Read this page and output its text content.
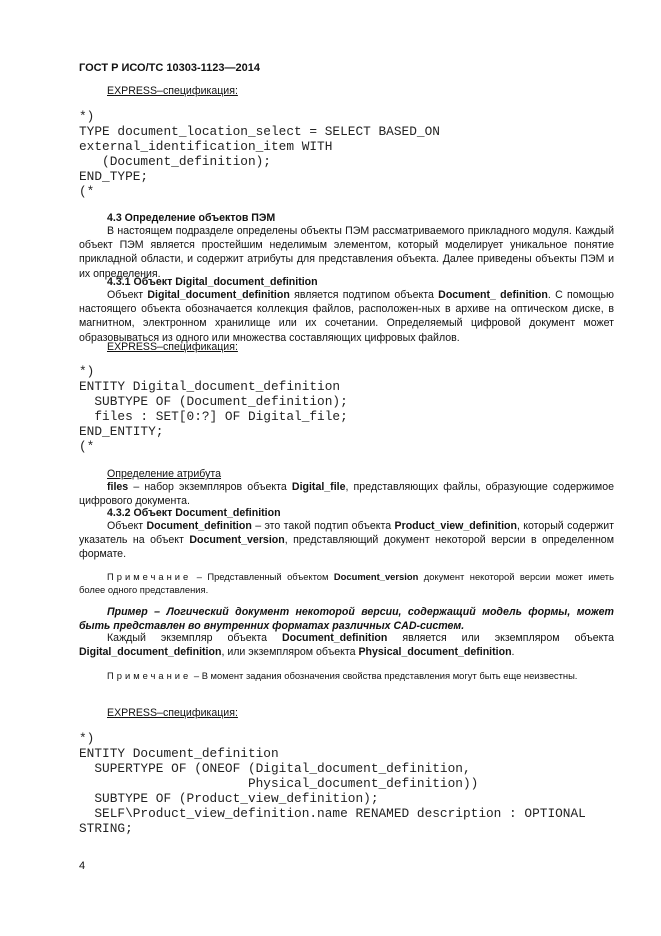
ГОСТ Р ИСО/ТС 10303-1123—2014
EXPRESS–спецификация:
*)
TYPE document_location_select = SELECT BASED_ON
external_identification_item WITH
(Document_definition);
END_TYPE;
(*
4.3 Определение объектов ПЭМ
В настоящем подразделе определены объекты ПЭМ рассматриваемого прикладного модуля. Каждый объект ПЭМ является простейшим неделимым элементом, который моделирует уникальное понятие прикладной области, и содержит атрибуты для представления объекта. Далее приведены объекты ПЭМ и их определения.
4.3.1 Объект Digital_document_definition
Объект Digital_document_definition является подтипом объекта Document_ definition. С помощью настоящего объекта обозначается коллекция файлов, расположен-ных в архиве на оптическом диске, в магнитном, электронном хранилище или их сочетании. Определяемый цифровой документ может образовываться из одного или множества составляющих цифровых файлов.
EXPRESS–спецификация:
*)
ENTITY Digital_document_definition
SUBTYPE OF (Document_definition);
files : SET[0:?] OF Digital_file;
END_ENTITY;
(*
Определение атрибута
files – набор экземпляров объекта Digital_file, представляющих файлы, образующие содержимое цифрового документа.
4.3.2 Объект Document_definition
Объект Document_definition – это такой подтип объекта Product_view_definition, который содержит указатель на объект Document_version, представляющий документ некоторой версии в определенном формате.
Примечание – Представленный объектом Document_version документ некоторой версии может иметь более одного представления.
Пример – Логический документ некоторой версии, содержащий модель формы, может быть представлен во внутренних форматах различных CAD-систем.
Каждый экземпляр объекта Document_definition является или экземпляром объекта Digital_document_definition, или экземпляром объекта Physical_document_definition.
Примечание – В момент задания обозначения свойства представления могут быть еще неизвестны.
EXPRESS–спецификация:
*)
ENTITY Document_definition
SUPERTYPE OF (ONEOF (Digital_document_definition,
Physical_document_definition))
SUBTYPE OF (Product_view_definition);
SELF\Product_view_definition.name RENAMED description : OPTIONAL
STRING;
4
